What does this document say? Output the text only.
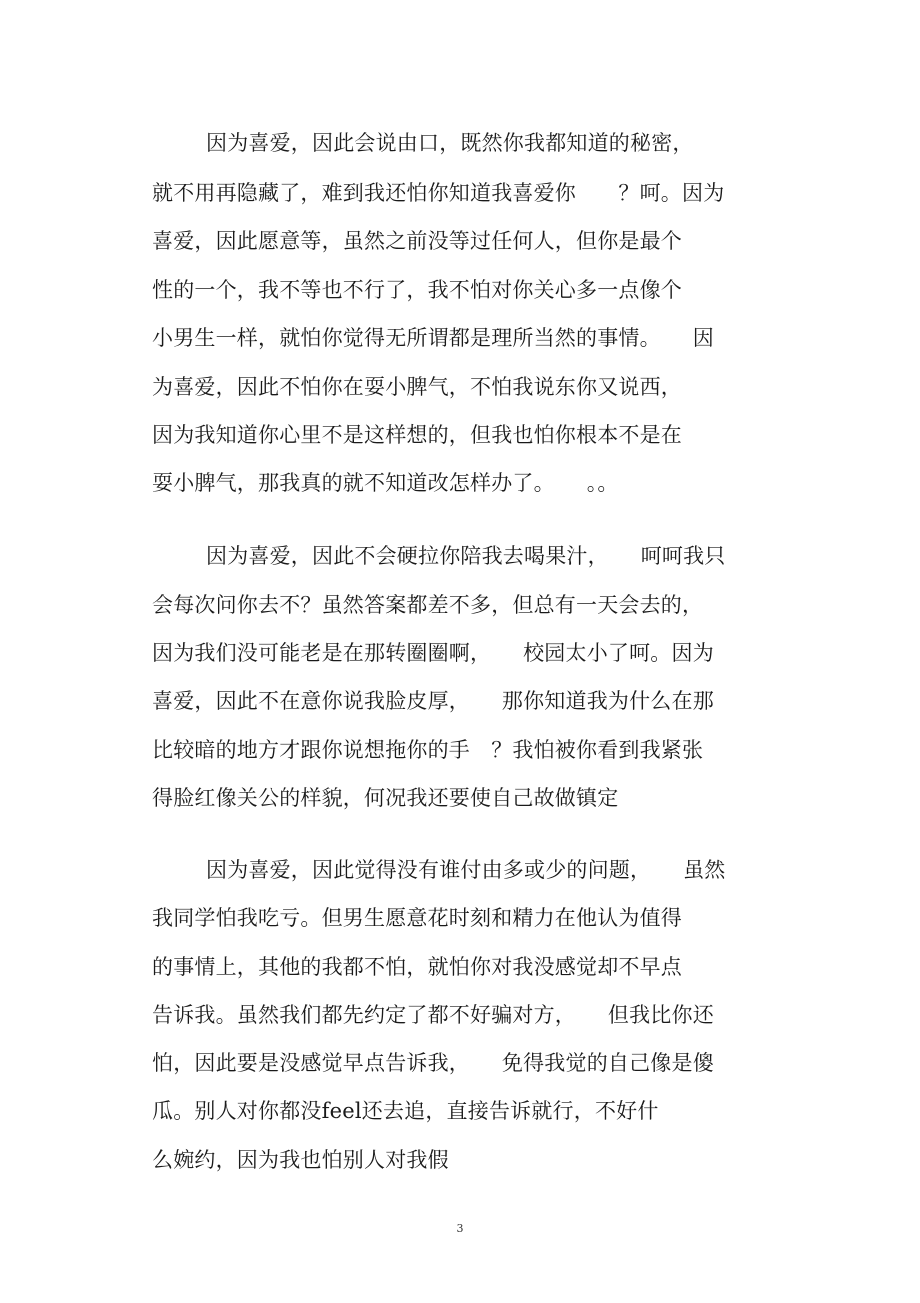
因为喜爱，因此会说由口，既然你我都知道的秘密，
就不用再隐藏了，难到我还怕你知道我喜爱你　　？呵。因为
喜爱，因此愿意等，虽然之前没等过任何人，但你是最个
性的一个，我不等也不行了，我不怕对你关心多一点像个
小男生一样，就怕你觉得无所谓都是理所当然的事情。　　因
为喜爱，因此不怕你在耍小脾气，不怕我说东你又说西，
因为我知道你心里不是这样想的，但我也怕你根本不是在
耍小脾气，那我真的就不知道改怎样办了。　　。。
因为喜爱，因此不会硬拉你陪我去喝果汁，　　呵呵我只
会每次问你去不？虽然答案都差不多，但总有一天会去的，
因为我们没可能老是在那转圈圈啊，　　校园太小了呵。因为
喜爱，因此不在意你说我脸皮厚，　　那你知道我为什么在那
比较暗的地方才跟你说想拖你的手　？我怕被你看到我紧张
得脸红像关公的样貌，何况我还要使自己故做镇定
因为喜爱，因此觉得没有谁付由多或少的问题，　　虽然
我同学怕我吃亏。但男生愿意花时刻和精力在他认为值得
的事情上，其他的我都不怕，就怕你对我没感觉却不早点
告诉我。虽然我们都先约定了都不好骗对方，　　但我比你还
怕，因此要是没感觉早点告诉我，　　免得我觉的自己像是傻
瓜。别人对你都没feel还去追，直接告诉就行，不好什
么婉约，因为我也怕别人对我假
3
